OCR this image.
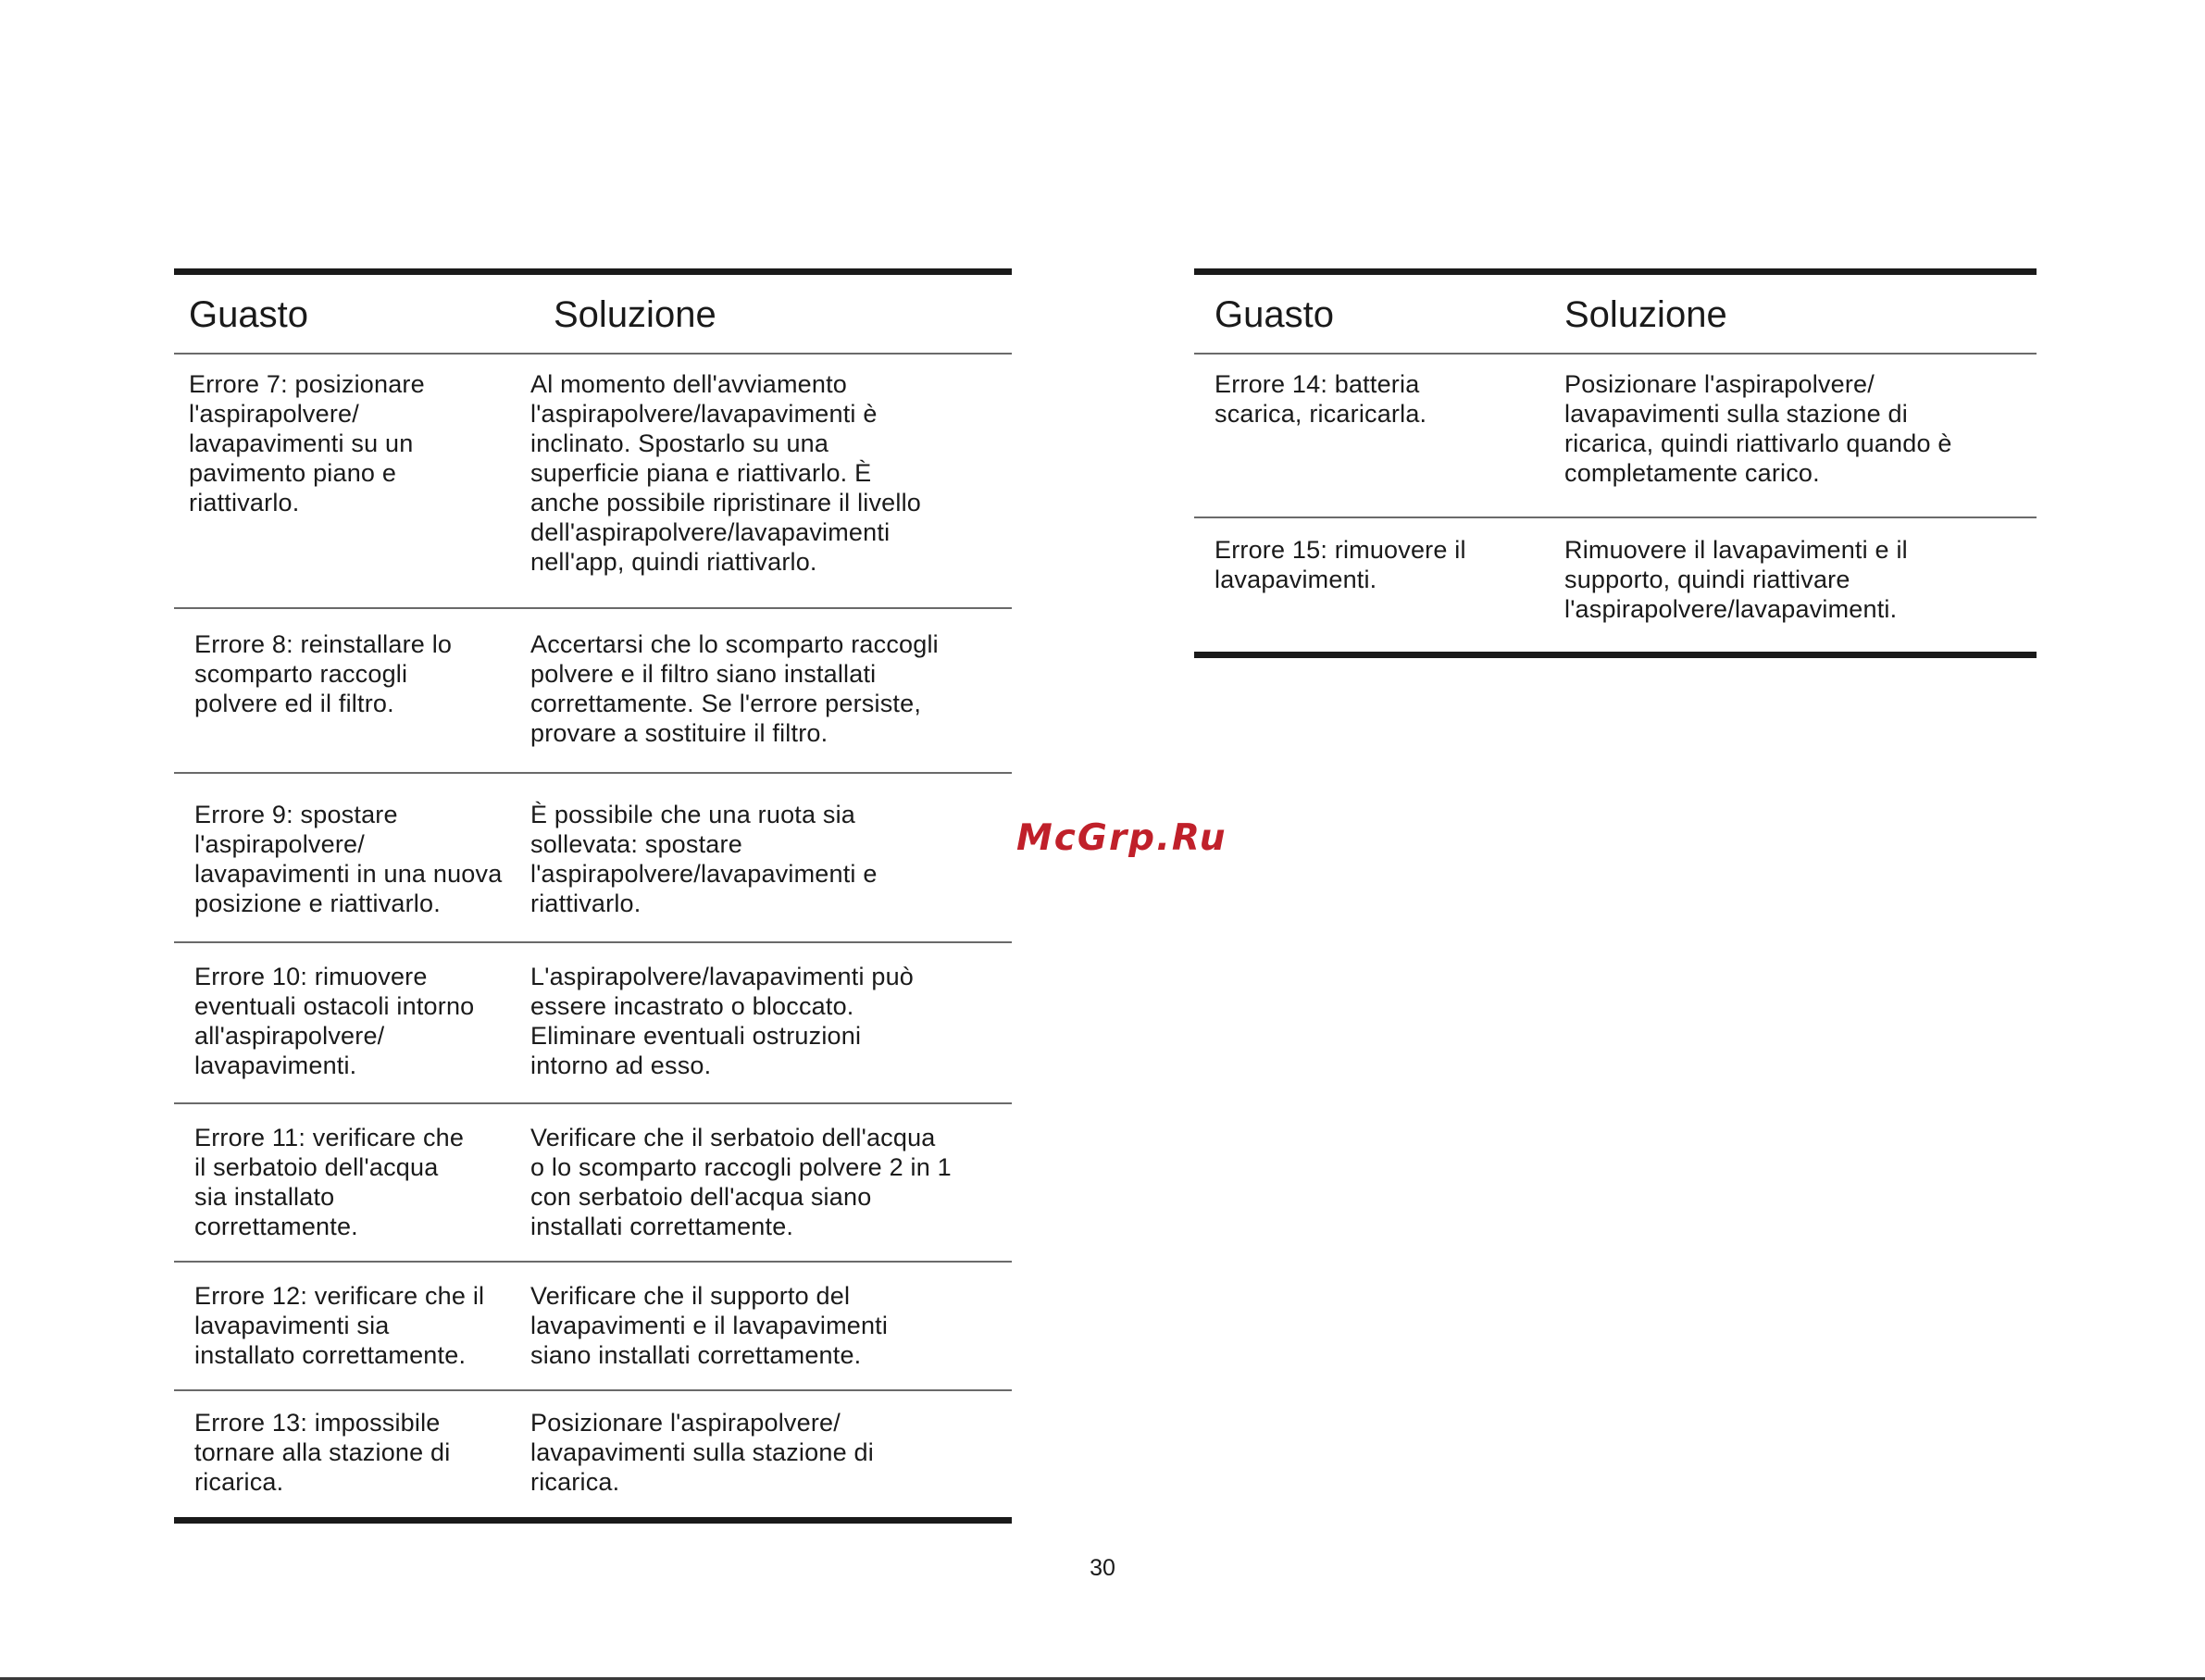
Guasto	Soluzione
Errore 7: posizionare
l'aspirapolvere/
lavapavimenti su un
pavimento piano e
riattivarlo.
Al momento dell'avviamento
l'aspirapolvere/lavapavimenti è
inclinato. Spostarlo su una
superficie piana e riattivarlo. È
anche possibile ripristinare il livello
dell'aspirapolvere/lavapavimenti
nell'app, quindi riattivarlo.
Errore 8: reinstallare lo
scomparto raccogli
polvere ed il filtro.
Accertarsi che lo scomparto raccogli
polvere e il filtro siano installati
correttamente. Se l'errore persiste,
provare a sostituire il filtro.
Errore 9: spostare
l'aspirapolvere/
lavapavimenti in una nuova
posizione e riattivarlo.
È possibile che una ruota sia
sollevata: spostare
l'aspirapolvere/lavapavimenti e
riattivarlo.
Errore 10: rimuovere
eventuali ostacoli intorno
all'aspirapolvere/
lavapavimenti.
L'aspirapolvere/lavapavimenti può
essere incastrato o bloccato.
Eliminare eventuali ostruzioni
intorno ad esso.
Errore 11: verificare che
il serbatoio dell'acqua
sia installato
correttamente.
Verificare che il serbatoio dell'acqua
o lo scomparto raccogli polvere 2 in 1
con serbatoio dell'acqua siano
installati correttamente.
Errore 12: verificare che il
lavapavimenti sia
installato correttamente.
Verificare che il supporto del
lavapavimenti e il lavapavimenti
siano installati correttamente.
Errore 13: impossibile
tornare alla stazione di
ricarica.
Posizionare l'aspirapolvere/
lavapavimenti sulla stazione di
ricarica.
Guasto	Soluzione
Errore 14: batteria
scarica, ricaricarla.
Posizionare l'aspirapolvere/
lavapavimenti sulla stazione di
ricarica, quindi riattivarlo quando è
completamente carico.
Errore 15: rimuovere il
lavapavimenti.
Rimuovere il lavapavimenti e il
supporto, quindi riattivare
l'aspirapolvere/lavapavimenti.
McGrp.Ru
30
